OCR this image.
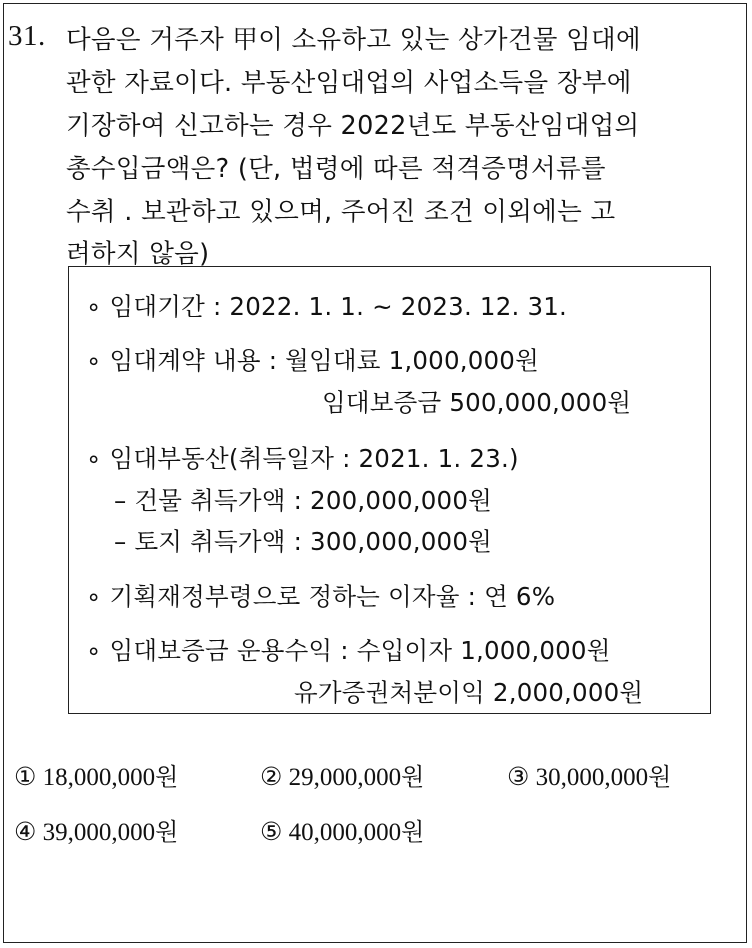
31. 다음은 거주자 甲이 소유하고 있는 상가건물 임대에
관한 자료이다. 부동산임대업의 사업소득을 장부에
기장하여 신고하는 경우 2022년도 부동산임대업의
총수입금액은? (단, 법령에 따른 적격증명서류를
수취 . 보관하고 있으며, 주어진 조건 이외에는 고
려하지 않음)
∘ 임대기간 : 2022. 1. 1. ~ 2023. 12. 31.
∘ 임대계약 내용 : 월임대료 1,000,000원
임대보증금 500,000,000원
∘ 임대부동산(취득일자 : 2021. 1. 23.)
– 건물 취득가액 : 200,000,000원
– 토지 취득가액 : 300,000,000원
∘ 기획재정부령으로 정하는 이자율 : 연 6%
∘ 임대보증금 운용수익 : 수입이자 1,000,000원
유가증권처분이익 2,000,000원
① 18,000,000원	② 29,000,000원	③ 30,000,000원
④ 39,000,000원	⑤ 40,000,000원
